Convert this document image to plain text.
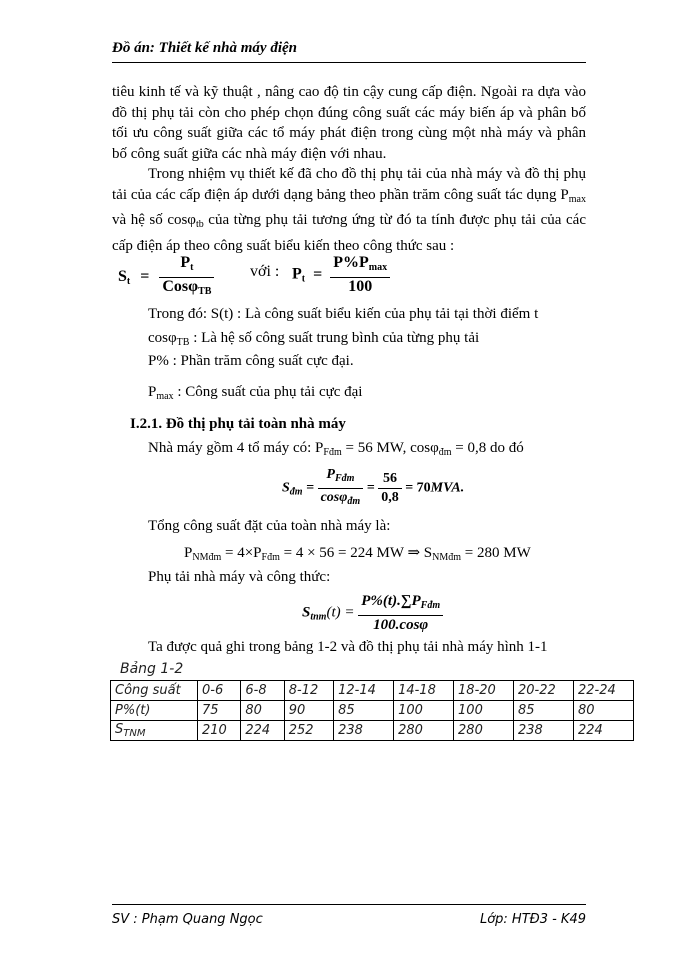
Đồ án: Thiết kế nhà máy điện
tiêu kinh tế và kỹ thuật , nâng cao độ tin cậy cung cấp điện. Ngoài ra dựa vào đồ thị phụ tải còn cho phép chọn đúng công suất các máy biến áp và phân bố tối ưu công suất giữa các tổ máy phát điện trong cùng một nhà máy và phân bố công suất giữa các nhà máy điện với nhau.
Trong nhiệm vụ thiết kế đã cho đồ thị phụ tải của nhà máy và đồ thị phụ tải của các cấp điện áp dưới dạng bảng theo phần trăm công suất tác dụng $P_{max}$ và hệ số cosφ$_{tb}$ của từng phụ tải tương ứng từ đó ta tính được phụ tải của các cấp điện áp theo công suất biểu kiến theo công thức sau :
$S_t = \frac{P_t}{Cos\varphi_{TB}}$ với : $P_t = \frac{P\%P_{max}}{100}$
Trong đó: S(t) : Là công suất biểu kiến của phụ tải tại thời điểm t
cosφ$_{TB}$ : Là hệ số công suất trung bình của từng phụ tải
P% : Phần trăm công suất cực đại.
$P_{max}$ : Công suất của phụ tải cực đại
I.2.1. Đồ thị phụ tải toàn nhà máy
Nhà máy gồm 4 tổ máy có: $P_{Fđm} = 56$ MW, cosφ$_{đm}$ = 0,8 do đó
$S_{đm} = \frac{P_{Fđm}}{\cos\varphi_{đm}} = \frac{56}{0,8} = 70MVA$.
Tổng công suất đặt của toàn nhà máy là:
$P_{NMđm} = 4\times P_{Fđm} = 4 \times 56 = 224$ MW ⇒ $S_{NMđm} = 280$ MW
Phụ tải nhà máy và công thức:
$S_{tnm}(t) = \frac{P\%(t).\sum P_{Fđm}}{100.\cos\varphi}$
Ta được quả ghi trong bảng 1-2 và đồ thị phụ tải nhà máy hình 1-1
Bảng 1-2
Công suất	0-6	6-8	8-12	12-14	14-18	18-20	20-22	22-24
P%(t)	75	80	90	85	100	100	85	80
$S_{TNM}$	210	224	252	238	280	280	238	224
SV : Phạm Quang Ngọc	Lớp: HTĐ3 - K49
